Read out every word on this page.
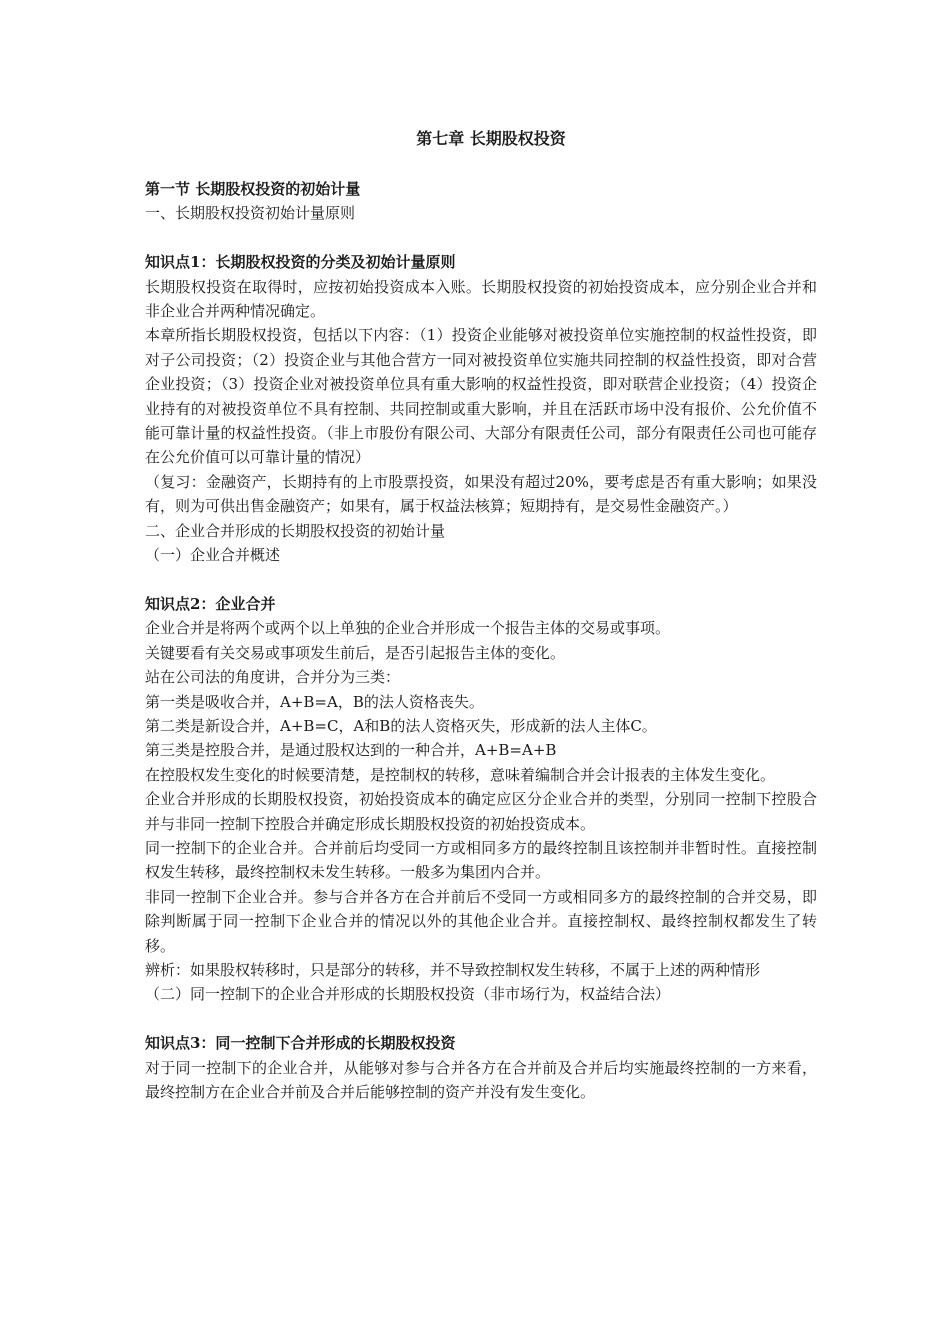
第七章 长期股权投资
第一节 长期股权投资的初始计量
一、长期股权投资初始计量原则
知识点1：长期股权投资的分类及初始计量原则
长期股权投资在取得时，应按初始投资成本入账。长期股权投资的初始投资成本，应分别企业合并和非企业合并两种情况确定。
本章所指长期股权投资，包括以下内容：（1）投资企业能够对被投资单位实施控制的权益性投资，即对子公司投资；（2）投资企业与其他合营方一同对被投资单位实施共同控制的权益性投资，即对合营企业投资；（3）投资企业对被投资单位具有重大影响的权益性投资，即对联营企业投资；（4）投资企业持有的对被投资单位不具有控制、共同控制或重大影响，并且在活跃市场中没有报价、公允价值不能可靠计量的权益性投资。（非上市股份有限公司、大部分有限责任公司，部分有限责任公司也可能存在公允价值可以可靠计量的情况）
（复习：金融资产，长期持有的上市股票投资，如果没有超过20%，要考虑是否有重大影响；如果没有，则为可供出售金融资产；如果有，属于权益法核算；短期持有，是交易性金融资产。）
二、企业合并形成的长期股权投资的初始计量
（一）企业合并概述
知识点2：企业合并
企业合并是将两个或两个以上单独的企业合并形成一个报告主体的交易或事项。
关键要看有关交易或事项发生前后，是否引起报告主体的变化。
站在公司法的角度讲，合并分为三类：
第一类是吸收合并，A+B=A，B的法人资格丧失。
第二类是新设合并，A+B=C，A和B的法人资格灭失，形成新的法人主体C。
第三类是控股合并，是通过股权达到的一种合并，A+B=A+B
在控股权发生变化的时候要清楚，是控制权的转移，意味着编制合并会计报表的主体发生变化。
企业合并形成的长期股权投资，初始投资成本的确定应区分企业合并的类型，分别同一控制下控股合并与非同一控制下控股合并确定形成长期股权投资的初始投资成本。
同一控制下的企业合并。合并前后均受同一方或相同多方的最终控制且该控制并非暂时性。直接控制权发生转移，最终控制权未发生转移。一般多为集团内合并。
非同一控制下企业合并。参与合并各方在合并前后不受同一方或相同多方的最终控制的合并交易，即除判断属于同一控制下企业合并的情况以外的其他企业合并。直接控制权、最终控制权都发生了转移。
辨析：如果股权转移时，只是部分的转移，并不导致控制权发生转移，不属于上述的两种情形
（二）同一控制下的企业合并形成的长期股权投资（非市场行为，权益结合法）
知识点3：同一控制下合并形成的长期股权投资
对于同一控制下的企业合并，从能够对参与合并各方在合并前及合并后均实施最终控制的一方来看，最终控制方在企业合并前及合并后能够控制的资产并没有发生变化。
